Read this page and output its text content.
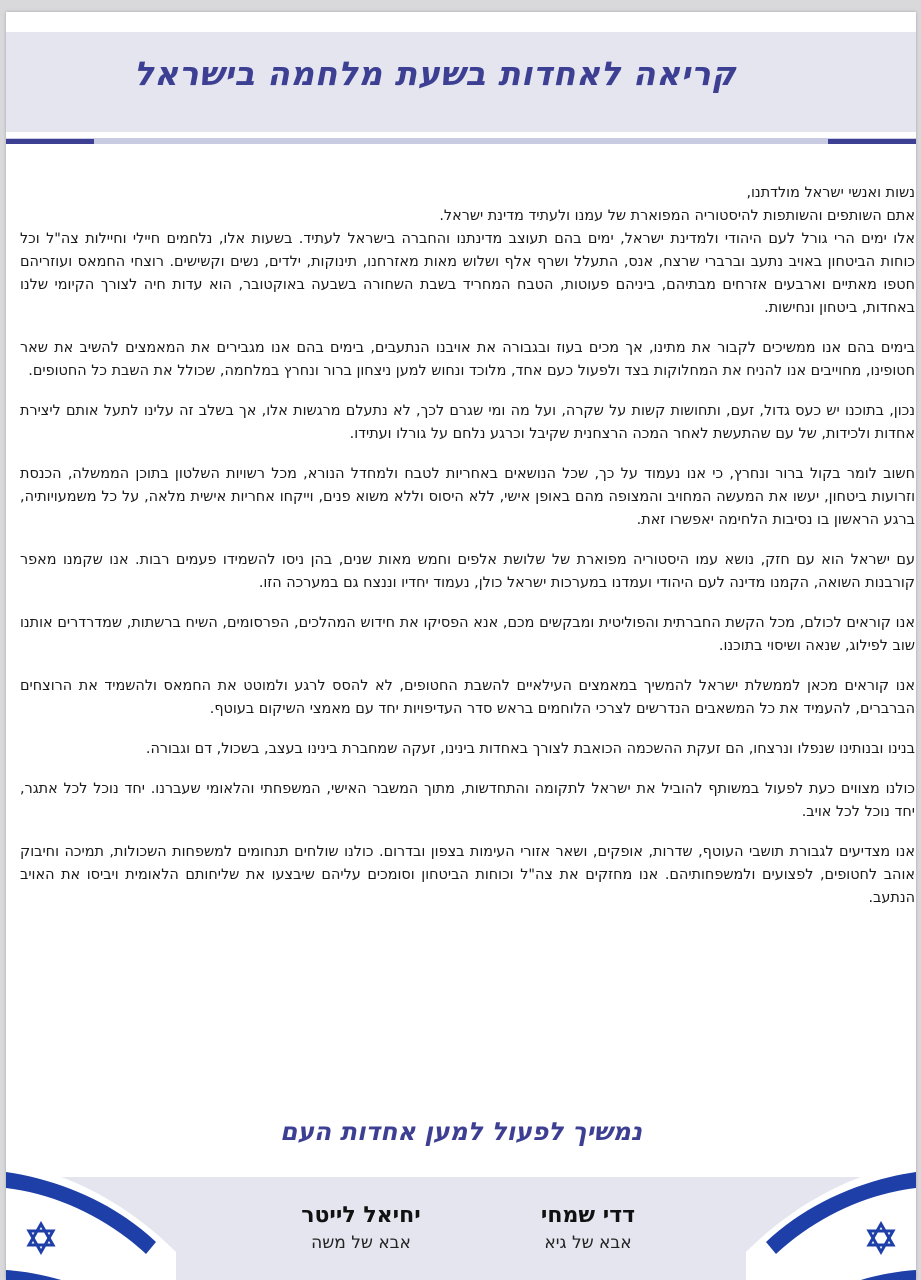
קריאה לאחדות בשעת מלחמה בישראל

נשות ואנשי ישראל מולדתנו,
אתם השותפים והשותפות להיסטוריה המפוארת של עמנו ולעתיד מדינת ישראל.
אלו ימים הרי גורל לעם היהודי ולמדינת ישראל, ימים בהם תעוצב מדינתנו והחברה בישראל לעתיד. בשעות אלו, נלחמים חיילי וחיילות צה"ל וכל כוחות הביטחון באויב נתעב וברברי שרצח, אנס, התעלל ושרף אלף ושלוש מאות מאזרחנו, תינוקות, ילדים, נשים וקשישים. רוצחי החמאס ועוזריהם חטפו מאתיים וארבעים אזרחים מבתיהם, ביניהם פעוטות, הטבח המחריד בשבת השחורה בשבעה באוקטובר, הוא עדות חיה לצורך הקיומי שלנו באחדות, ביטחון ונחישות.

בימים בהם אנו ממשיכים לקבור את מתינו, אך מכים בעוז ובגבורה את אויבנו הנתעבים, בימים בהם אנו מגבירים את המאמצים להשיב את שאר חטופינו, מחוייבים אנו להניח את המחלוקות בצד ולפעול כעם אחד, מלוכד ונחוש למען ניצחון ברור ונחרץ במלחמה, שכולל את השבת כל החטופים.

נכון, בתוכנו יש כעס גדול, זעם, ותחושות קשות על שקרה, ועל מה ומי שגרם לכך, לא נתעלם מרגשות אלו, אך בשלב זה עלינו לתעל אותם ליצירת אחדות ולכידות, של עם שהתעשת לאחר המכה הרצחנית שקיבל וכרגע נלחם על גורלו ועתידו.

חשוב לומר בקול ברור ונחרץ, כי אנו נעמוד על כך, שכל הנושאים באחריות לטבח ולמחדל הנורא, מכל רשויות השלטון בתוכן הממשלה, הכנסת וזרועות ביטחון, יעשו את המעשה המחויב והמצופה מהם באופן אישי, ללא היסוס וללא משוא פנים, וייקחו אחריות אישית מלאה, על כל משמעויותיה, ברגע הראשון בו נסיבות הלחימה יאפשרו זאת.

עם ישראל הוא עם חזק, נושא עמו היסטוריה מפוארת של שלושת אלפים וחמש מאות שנים, בהן ניסו להשמידו פעמים רבות. אנו שקמנו מאפר קורבנות השואה, הקמנו מדינה לעם היהודי ועמדנו במערכות ישראל כולן, נעמוד יחדיו וננצח גם במערכה הזו.

אנו קוראים לכולם, מכל הקשת החברתית והפוליטית ומבקשים מכם, אנא הפסיקו את חידוש המהלכים, הפרסומים, השיח ברשתות, שמדרדרים אותנו שוב לפילוג, שנאה ושיסוי בתוכנו.

אנו קוראים מכאן לממשלת ישראל להמשיך במאמצים העילאיים להשבת החטופים, לא להסס לרגע ולמוטט את החמאס ולהשמיד את הרוצחים הברברים, להעמיד את כל המשאבים הנדרשים לצרכי הלוחמים בראש סדר העדיפויות יחד עם מאמצי השיקום בעוטף.

בנינו ובנותינו שנפלו ונרצחו, הם זעקת ההשכמה הכואבת לצורך באחדות בינינו, זעקה שמחברת בינינו בעצב, בשכול, דם וגבורה.

כולנו מצווים כעת לפעול במשותף להוביל את ישראל לתקומה והתחדשות, מתוך המשבר האישי, המשפחתי והלאומי שעברנו. יחד נוכל לכל אתגר, יחד נוכל לכל אויב.

אנו מצדיעים לגבורת תושבי העוטף, שדרות, אופקים, ושאר אזורי העימות בצפון ובדרום. כולנו שולחים תנחומים למשפחות השכולות, תמיכה וחיבוק אוהב לחטופים, לפצועים ולמשפחותיהם. אנו מחזקים את צה"ל וכוחות הביטחון וסומכים עליהם שיבצעו את שליחותם הלאומית ויביסו את האויב הנתעב.

נמשיך לפעול למען אחדות העם
דדי שמחי
אבא של גיא
יחיאל לייטר
אבא של משה
